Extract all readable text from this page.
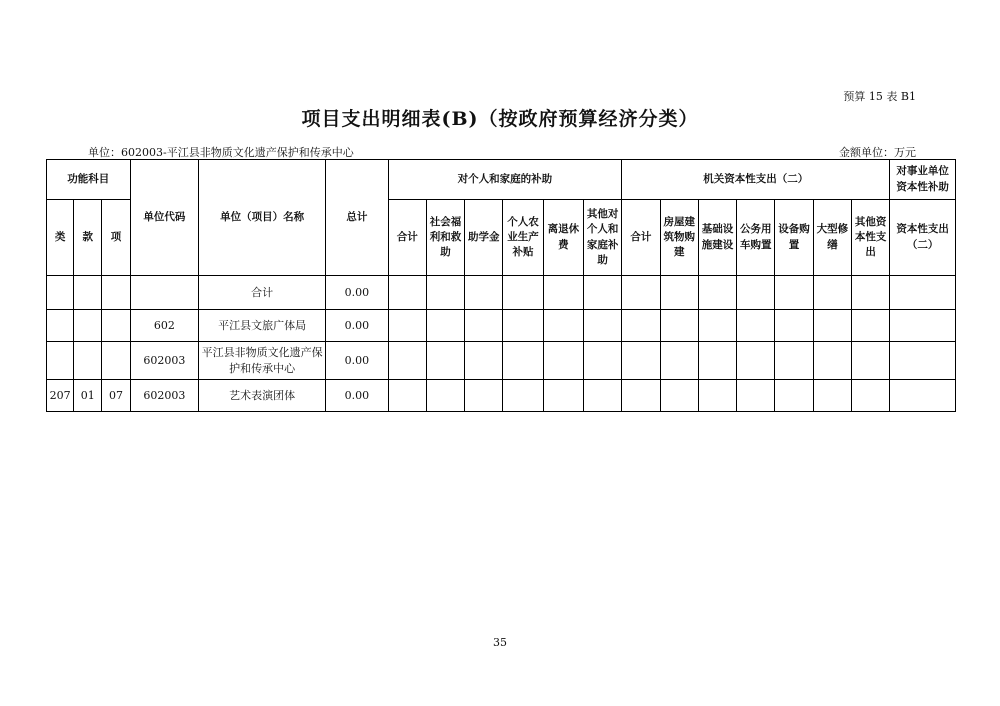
预算 15 表 B1
项目支出明细表(B)（按政府预算经济分类）
单位：602003-平江县非物质文化遗产保护和传承中心	金额单位：万元
功能科目			单位代码	单位（项目）名称	总计	对个人和家庭的补助						机关资本性支出（二）							对事业单位资本性补助
类	款	项				合计	社会福利和救助	助学金	个人农业生产补贴	离退休费	其他对个人和家庭补助	合计	房屋建筑物购建	基础设施建设	公务用车购置	设备购置	大型修缮	其他资本性支出	资本性支出（二）
				合计	0.00														
			602	平江县文旅广体局	0.00														
			602003	平江县非物质文化遗产保护和传承中心	0.00														
207	01	07	602003	艺术表演团体	0.00														
35
